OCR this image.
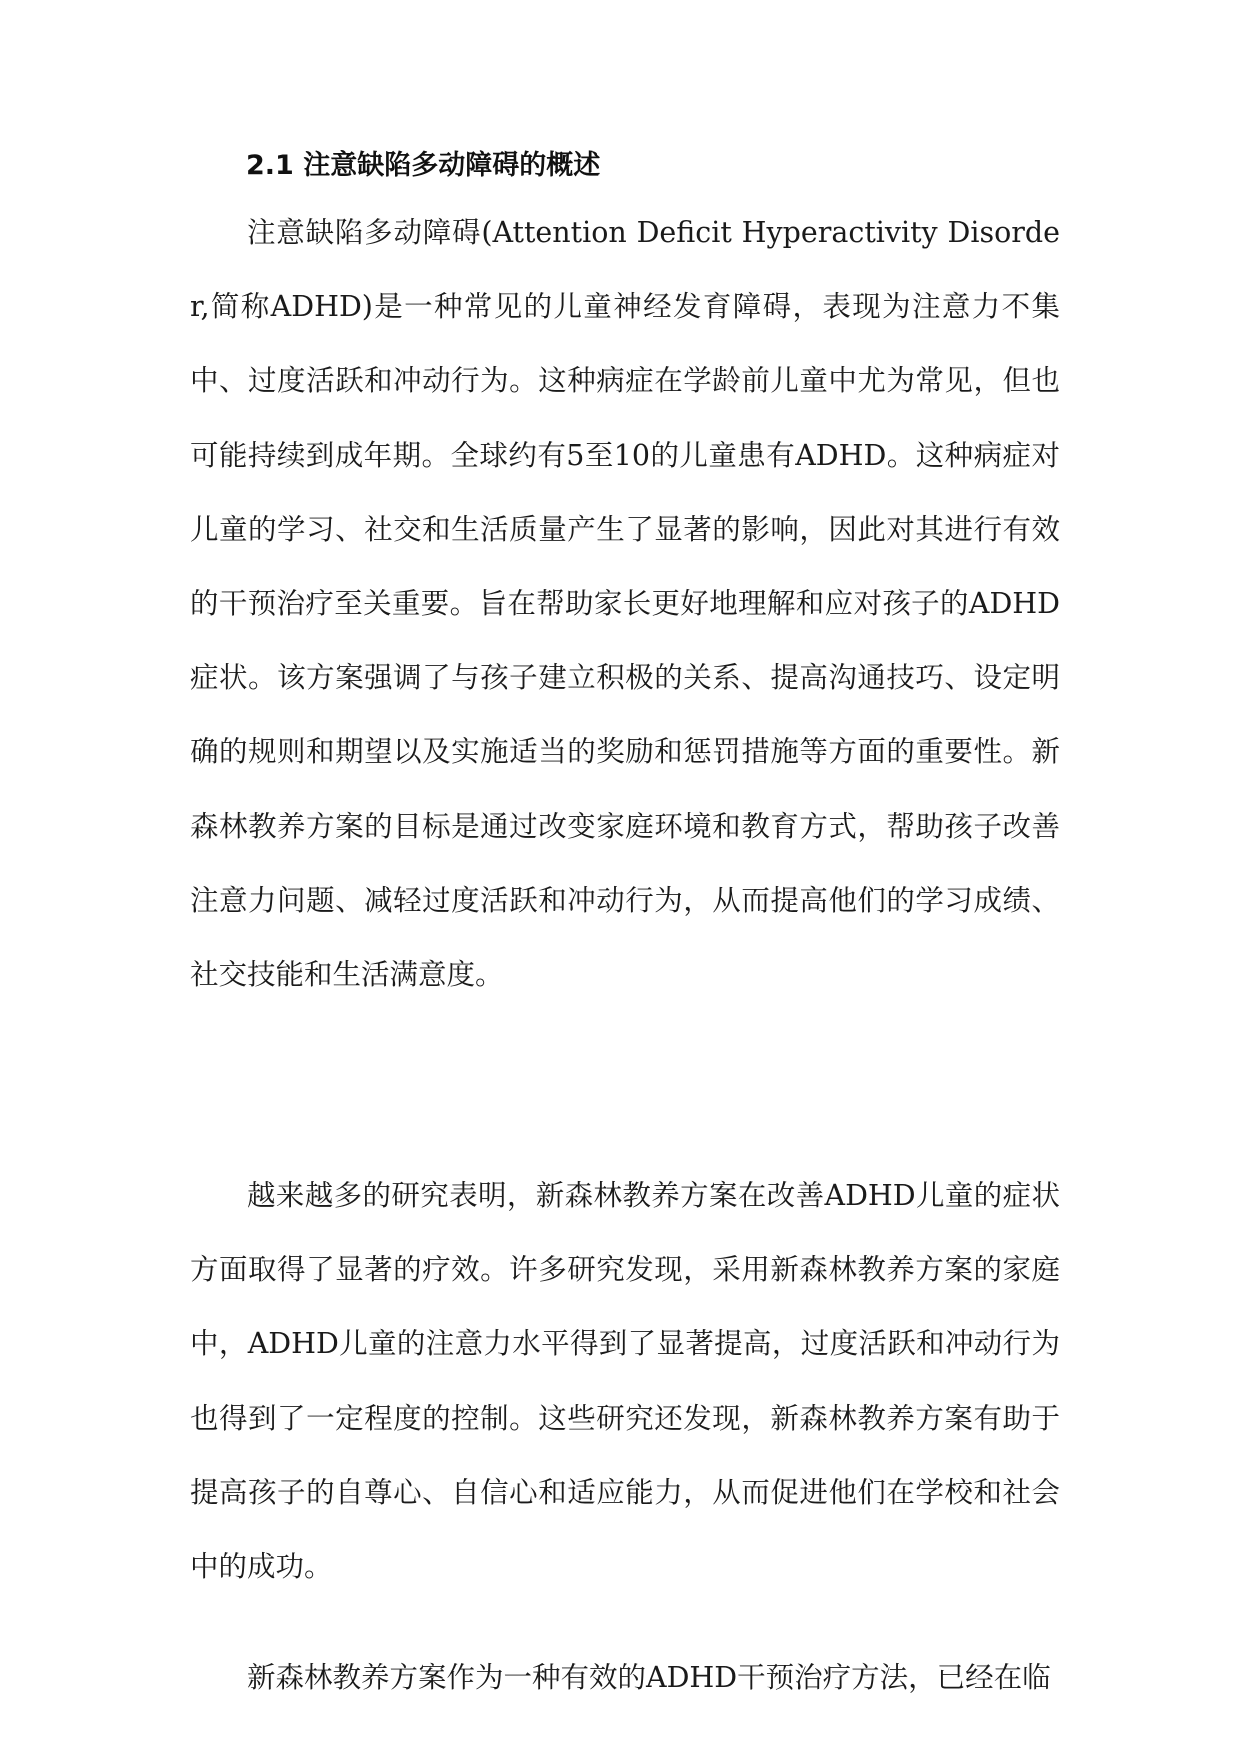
2.1 注意缺陷多动障碍的概述

注意缺陷多动障碍(Attention Deficit Hyperactivity Disorder,简称ADHD)是一种常见的儿童神经发育障碍，表现为注意力不集中、过度活跃和冲动行为。这种病症在学龄前儿童中尤为常见，但也可能持续到成年期。全球约有5至10的儿童患有ADHD。这种病症对儿童的学习、社交和生活质量产生了显著的影响，因此对其进行有效的干预治疗至关重要。旨在帮助家长更好地理解和应对孩子的ADHD症状。该方案强调了与孩子建立积极的关系、提高沟通技巧、设定明确的规则和期望以及实施适当的奖励和惩罚措施等方面的重要性。新森林教养方案的目标是通过改变家庭环境和教育方式，帮助孩子改善注意力问题、减轻过度活跃和冲动行为，从而提高他们的学习成绩、社交技能和生活满意度。

越来越多的研究表明，新森林教养方案在改善ADHD儿童的症状方面取得了显著的疗效。许多研究发现，采用新森林教养方案的家庭中，ADHD儿童的注意力水平得到了显著提高，过度活跃和冲动行为也得到了一定程度的控制。这些研究还发现，新森林教养方案有助于提高孩子的自尊心、自信心和适应能力，从而促进他们在学校和社会中的成功。

新森林教养方案作为一种有效的ADHD干预治疗方法，已经在临
